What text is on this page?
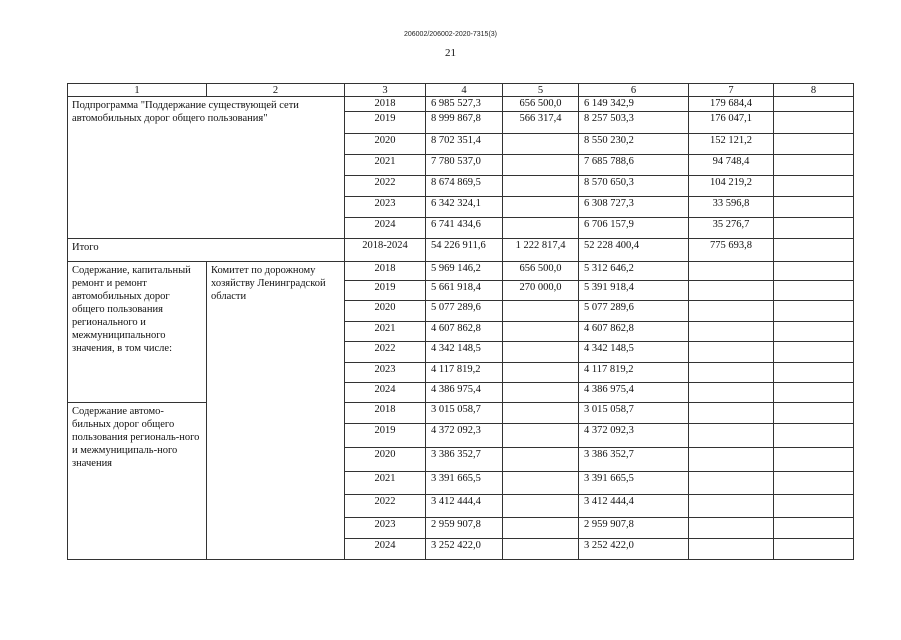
206002/206002-2020-7315(3)
21
1	2	3	4	5	6	7	8
Подпрограмма "Поддержание существующей сети автомобильных дорог общего пользования"		2018	6 985 527,3	656 500,0	6 149 342,9	179 684,4	
		2019	8 999 867,8	566 317,4	8 257 503,3	176 047,1	
		2020	8 702 351,4		8 550 230,2	152 121,2	
		2021	7 780 537,0		7 685 788,6	94 748,4	
		2022	8 674 869,5		8 570 650,3	104 219,2	
		2023	6 342 324,1		6 308 727,3	33 596,8	
		2024	6 741 434,6		6 706 157,9	35 276,7	
Итого		2018-2024	54 226 911,6	1 222 817,4	52 228 400,4	775 693,8	
Содержание, капитальный ремонт и ремонт автомобильных дорог общего пользования регионального и межмуниципального значения, в том числе:	Комитет по дорожному хозяйству Ленинградской области	2018	5 969 146,2	656 500,0	5 312 646,2		
		2019	5 661 918,4	270 000,0	5 391 918,4		
		2020	5 077 289,6		5 077 289,6		
		2021	4 607 862,8		4 607 862,8		
		2022	4 342 148,5		4 342 148,5		
		2023	4 117 819,2		4 117 819,2		
		2024	4 386 975,4		4 386 975,4		
Содержание автомо-бильных дорог общего пользования региональ-ного и межмуниципаль-ного значения		2018	3 015 058,7		3 015 058,7		
		2019	4 372 092,3		4 372 092,3		
		2020	3 386 352,7		3 386 352,7		
		2021	3 391 665,5		3 391 665,5		
		2022	3 412 444,4		3 412 444,4		
		2023	2 959 907,8		2 959 907,8		
		2024	3 252 422,0		3 252 422,0		
